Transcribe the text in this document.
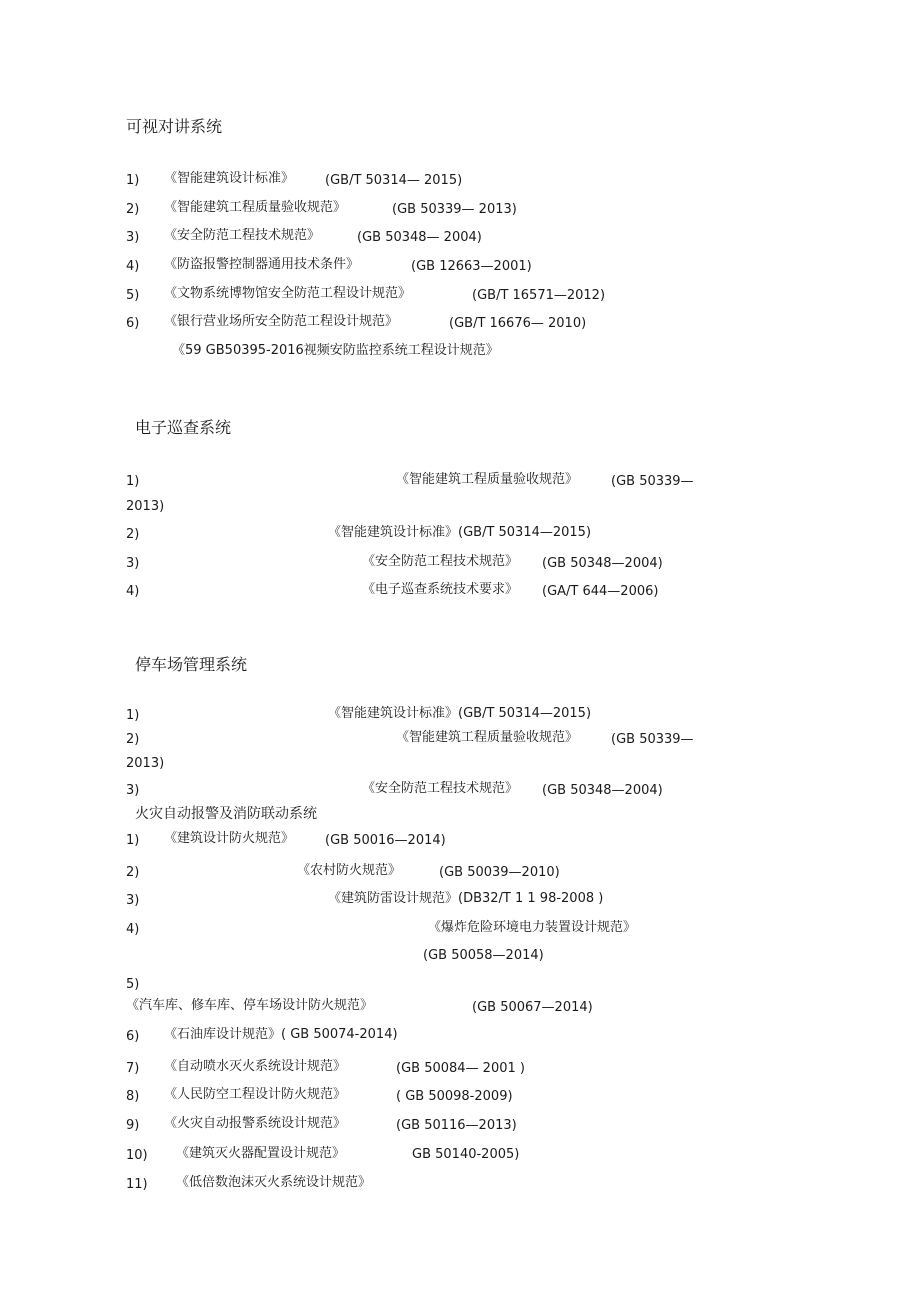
可视对讲系统
1) 《智能建筑设计标准》 (GB/T 50314— 2015)
2) 《智能建筑工程质量验收规范》	(GB 50339— 2013)
3) 《安全防范工程技术规范》	(GB 50348— 2004)
4) 《防盗报警控制器通用技术条件》	(GB 12663—2001)
5) 《文物系统博物馆安全防范工程设计规范》	(GB/T 16571—2012)
6) 《银行营业场所安全防范工程设计规范》	(GB/T 16676— 2010)
《59 GB50395-2016视频安防监控系统工程设计规范》
电子巡查系统
1)	《智能建筑工程质量验收规范》	(GB 50339—
2013)
2)	《智能建筑设计标准》(GB/T 50314—2015)
3)	《安全防范工程技术规范》 (GB 50348—2004)
4)	《电子巡查系统技术要求》 (GA/T 644—2006)
停车场管理系统
1)	《智能建筑设计标准》(GB/T 50314—2015)
2)	《智能建筑工程质量验收规范》	(GB 50339—
2013)
3)	《安全防范工程技术规范》 (GB 50348—2004)
火灾自动报警及消防联动系统
1) 《建筑设计防火规范》 (GB 50016—2014)
2)	《农村防火规范》	(GB 50039—2010)
3)	《建筑防雷设计规范》(DB32/T 1 1 98-2008 )
4)	《爆炸危险环境电力装置设计规范》
(GB 50058—2014)
5)
《汽车库、修车库、停车场设计防火规范》	(GB 50067—2014)
6) 《石油库设计规范》( GB 50074-2014)
7) 《自动喷水灭火系统设计规范》	(GB 50084— 2001 )
8) 《人民防空工程设计防火规范》	( GB 50098-2009)
9) 《火灾自动报警系统设计规范》	(GB 50116—2013)
10) 《建筑灭火器配置设计规范》	GB 50140-2005)
11) 《低倍数泡沫灭火系统设计规范》
